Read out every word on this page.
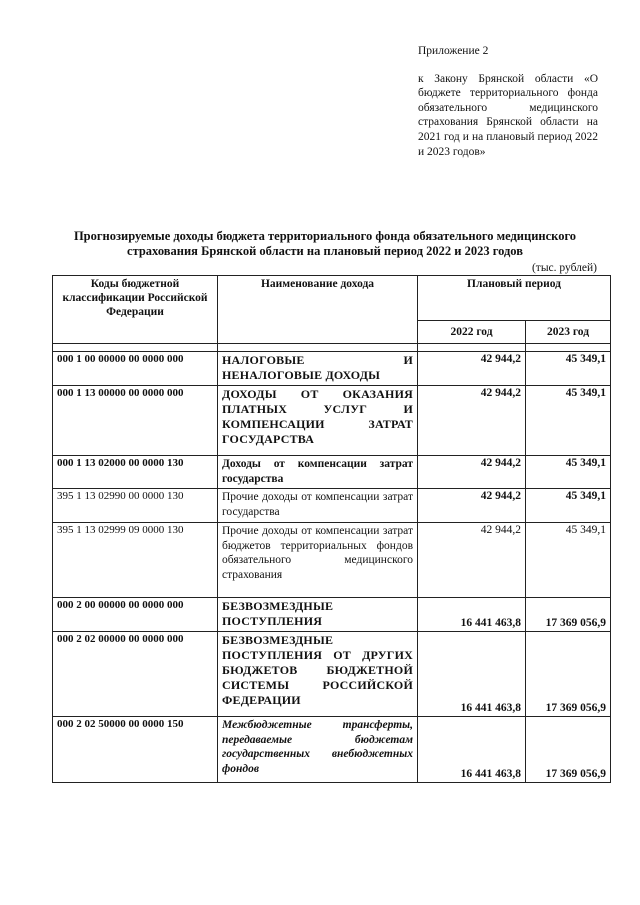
Приложение 2
к Закону Брянской области «О бюджете территориального фонда обязательного медицинского страхования Брянской области на 2021 год и на плановый период 2022 и 2023 годов»
Прогнозируемые доходы бюджета территориального фонда обязательного медицинского страхования Брянской области на плановый период 2022 и 2023 годов
(тыс. рублей)
Коды бюджетной классификации Российской Федерации	Наименование дохода	Плановый период	
		2022 год	2023 год

000 1 00 00000 00 0000 000	НАЛОГОВЫЕ И НЕНАЛОГОВЫЕ ДОХОДЫ	42 944,2	45 349,1
000 1 13 00000 00 0000 000	ДОХОДЫ ОТ ОКАЗАНИЯ ПЛАТНЫХ УСЛУГ И КОМПЕНСАЦИИ ЗАТРАТ ГОСУДАРСТВА	42 944,2	45 349,1
000 1 13 02000 00 0000 130	Доходы от компенсации затрат государства	42 944,2	45 349,1
395 1 13 02990 00 0000 130	Прочие доходы от компенсации затрат государства	42 944,2	45 349,1
395 1 13 02999 09 0000 130	Прочие доходы от компенсации затрат бюджетов территориальных фондов обязательного медицинского страхования	42 944,2	45 349,1
000 2 00 00000 00 0000 000	БЕЗВОЗМЕЗДНЫЕ ПОСТУПЛЕНИЯ	16 441 463,8	17 369 056,9
000 2 02 00000 00 0000 000	БЕЗВОЗМЕЗДНЫЕ ПОСТУПЛЕНИЯ ОТ ДРУГИХ БЮДЖЕТОВ БЮДЖЕТНОЙ СИСТЕМЫ РОССИЙСКОЙ ФЕДЕРАЦИИ	16 441 463,8	17 369 056,9
000 2 02 50000 00 0000 150	Межбюджетные трансферты, передаваемые бюджетам государственных внебюджетных фондов	16 441 463,8	17 369 056,9
